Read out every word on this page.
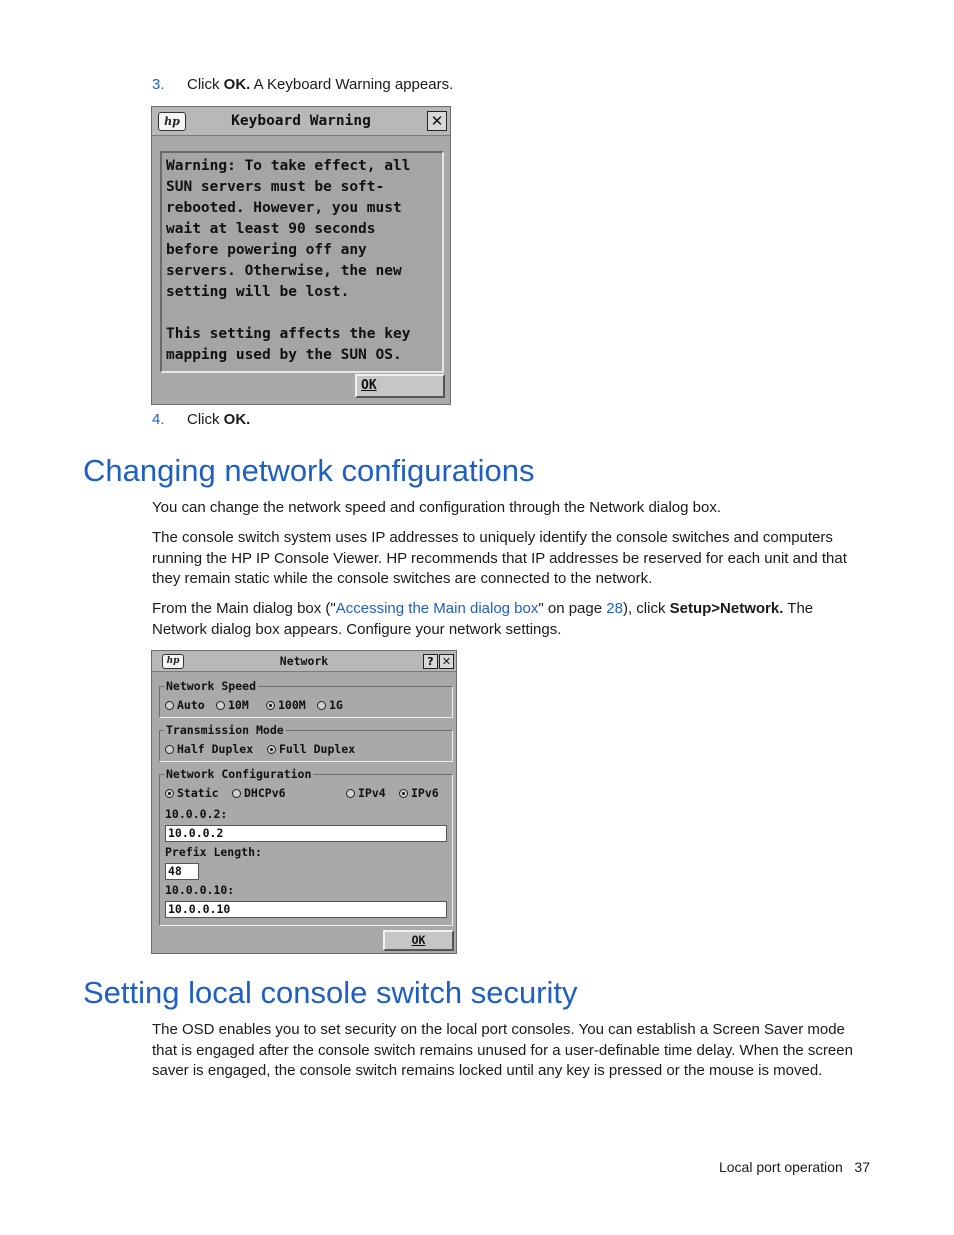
3. Click OK. A Keyboard Warning appears.
hp	Keyboard Warning	✕
Warning: To take effect, all
SUN servers must be soft-
rebooted. However, you must
wait at least 90 seconds
before powering off any
servers. Otherwise, the new
setting will be lost.

This setting affects the key
mapping used by the SUN OS.
OK
4. Click OK.
Changing network configurations

You can change the network speed and configuration through the Network dialog box.

The console switch system uses IP addresses to uniquely identify the console switches and computers running the HP IP Console Viewer. HP recommends that IP addresses be reserved for each unit and that they remain static while the console switches are connected to the network.

From the Main dialog box ("Accessing the Main dialog box" on page 28), click Setup>Network. The Network dialog box appears. Configure your network settings.

hp	Network	? ✕
Network Speed
Auto	10M	100M	1G
Transmission Mode
Half Duplex	Full Duplex
Network Configuration
Static	DHCPv6	IPv4	IPv6
10.0.0.2:
10.0.0.2
Prefix Length:
48
10.0.0.10:
10.0.0.10
OK
Setting local console switch security

The OSD enables you to set security on the local port consoles. You can establish a Screen Saver mode that is engaged after the console switch remains unused for a user-definable time delay. When the screen saver is engaged, the console switch remains locked until any key is pressed or the mouse is moved.

Local port operation 37
